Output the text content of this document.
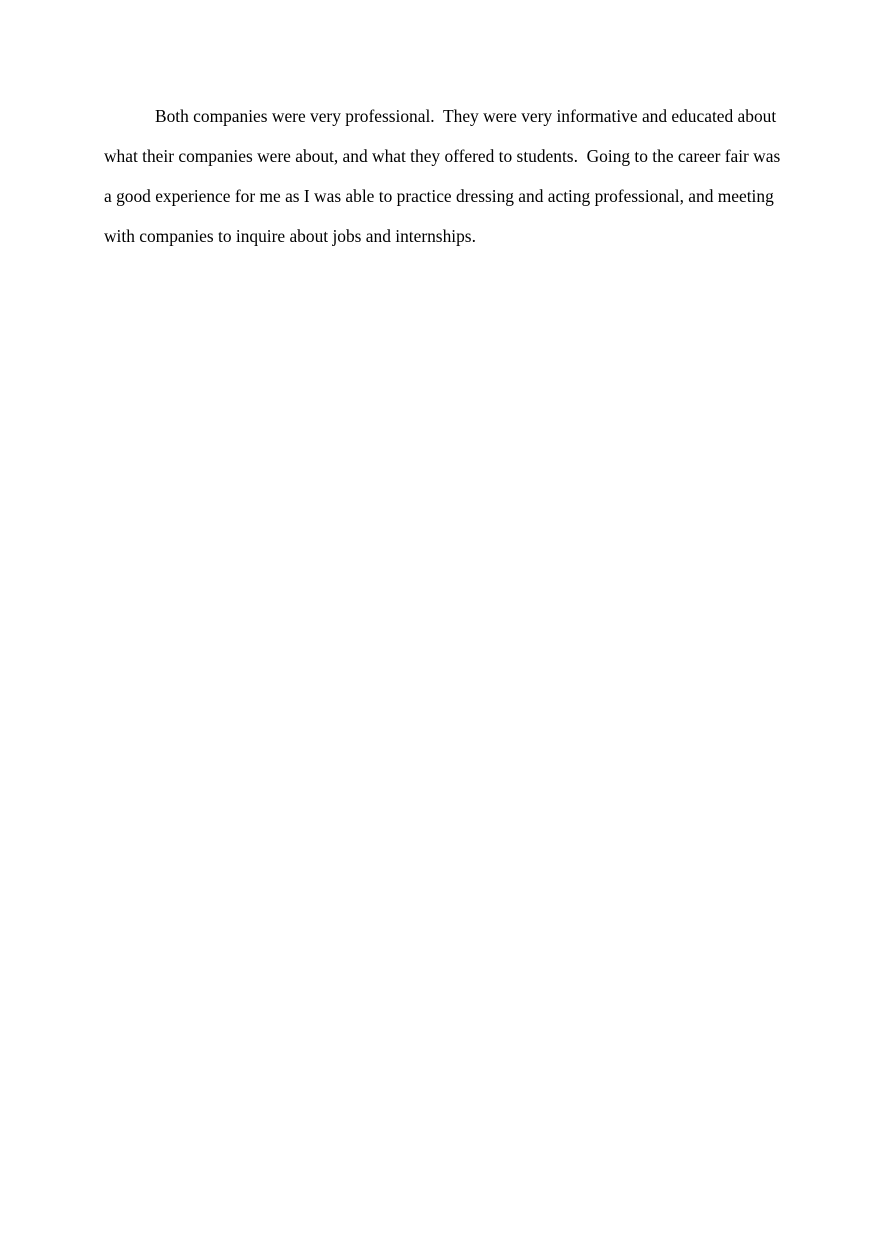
Both companies were very professional.  They were very informative and educated about
what their companies were about, and what they offered to students.  Going to the career fair was
a good experience for me as I was able to practice dressing and acting professional, and meeting
with companies to inquire about jobs and internships.
